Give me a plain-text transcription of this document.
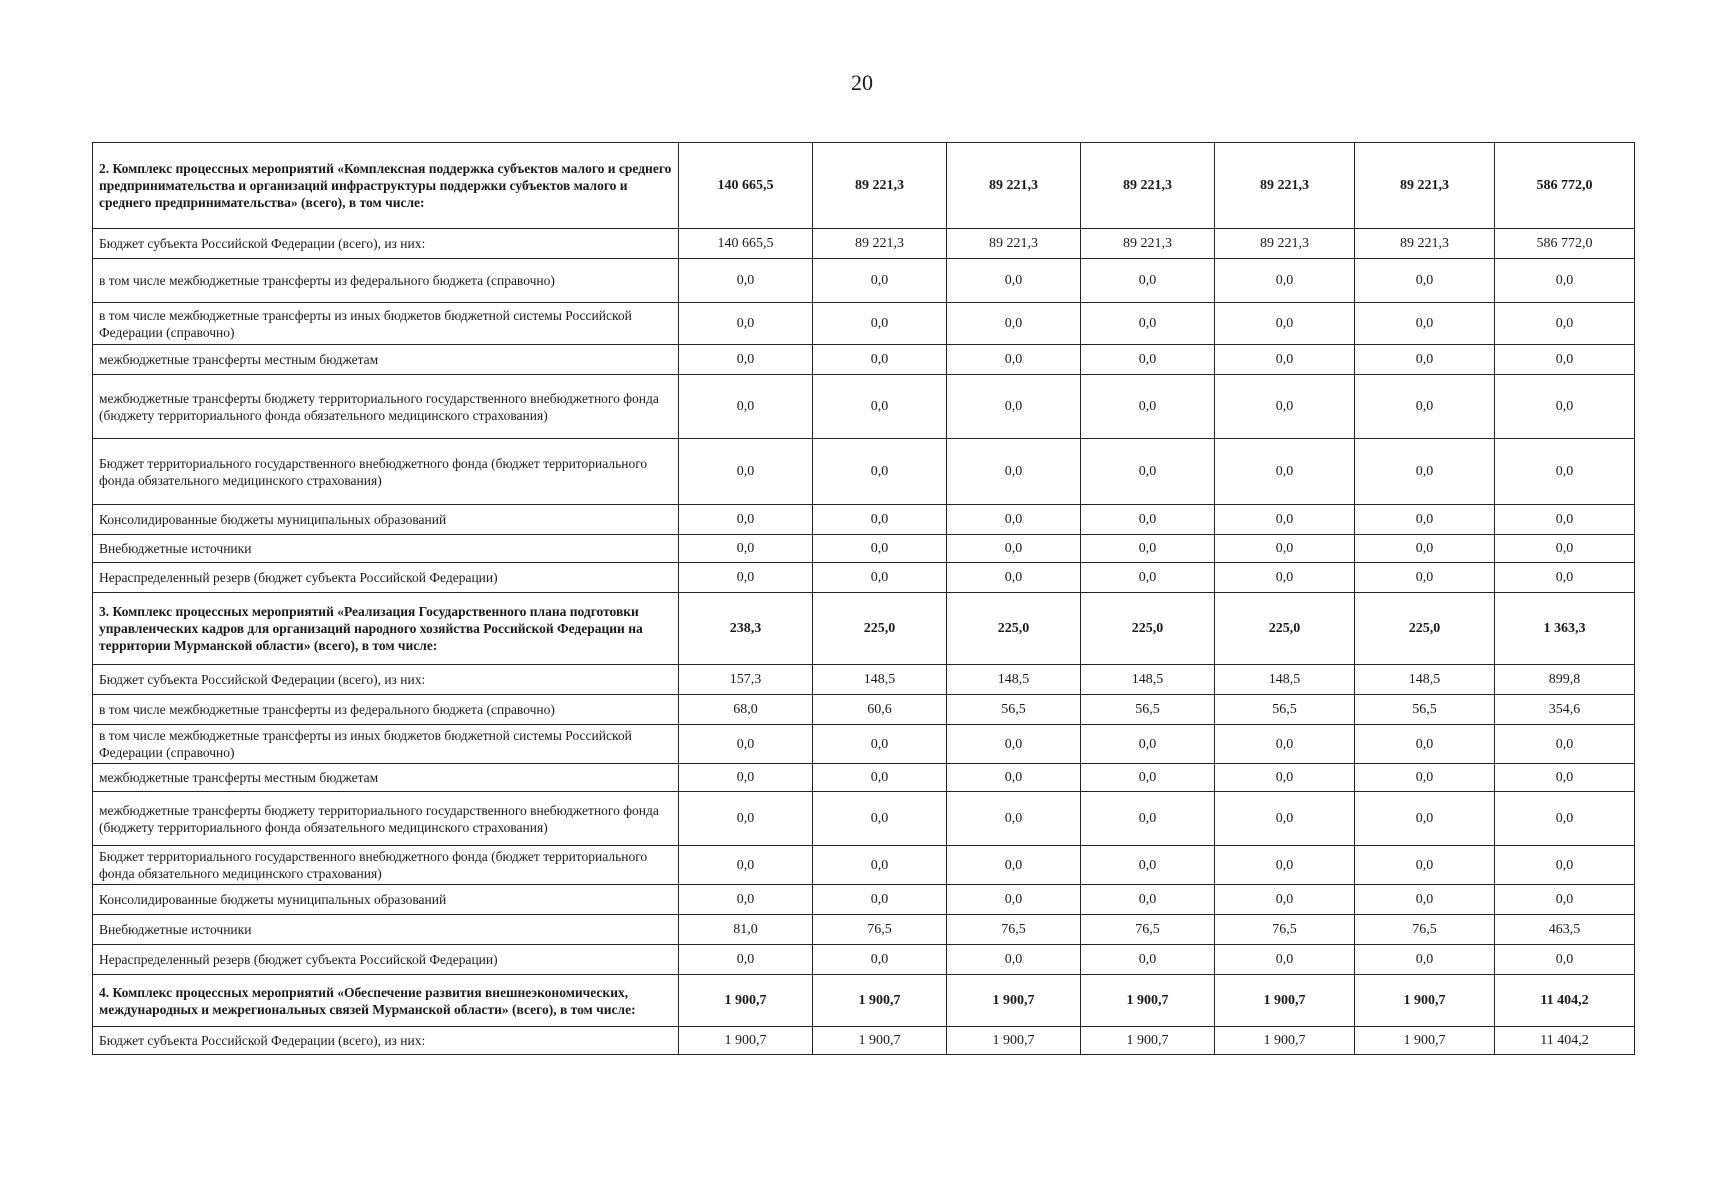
20
2. Комплекс процессных мероприятий «Комплексная поддержка субъектов малого и среднего предпринимательства и организаций инфраструктуры поддержки субъектов малого и среднего предпринимательства» (всего), в том числе:	140 665,5	89 221,3	89 221,3	89 221,3	89 221,3	89 221,3	586 772,0
Бюджет субъекта Российской Федерации (всего), из них:	140 665,5	89 221,3	89 221,3	89 221,3	89 221,3	89 221,3	586 772,0
в том числе межбюджетные трансферты из федерального бюджета (справочно)	0,0	0,0	0,0	0,0	0,0	0,0	0,0
в том числе межбюджетные трансферты из иных бюджетов бюджетной системы Российской Федерации (справочно)	0,0	0,0	0,0	0,0	0,0	0,0	0,0
межбюджетные трансферты местным бюджетам	0,0	0,0	0,0	0,0	0,0	0,0	0,0
межбюджетные трансферты бюджету территориального государственного внебюджетного фонда (бюджету территориального фонда обязательного медицинского страхования)	0,0	0,0	0,0	0,0	0,0	0,0	0,0
Бюджет территориального государственного внебюджетного фонда (бюджет территориального фонда обязательного медицинского страхования)	0,0	0,0	0,0	0,0	0,0	0,0	0,0
Консолидированные бюджеты муниципальных образований	0,0	0,0	0,0	0,0	0,0	0,0	0,0
Внебюджетные источники	0,0	0,0	0,0	0,0	0,0	0,0	0,0
Нераспределенный резерв (бюджет субъекта Российской Федерации)	0,0	0,0	0,0	0,0	0,0	0,0	0,0
3. Комплекс процессных мероприятий «Реализация Государственного плана подготовки управленческих кадров для организаций народного хозяйства Российской Федерации на территории Мурманской области» (всего), в том числе:	238,3	225,0	225,0	225,0	225,0	225,0	1 363,3
Бюджет субъекта Российской Федерации (всего), из них:	157,3	148,5	148,5	148,5	148,5	148,5	899,8
в том числе межбюджетные трансферты из федерального бюджета (справочно)	68,0	60,6	56,5	56,5	56,5	56,5	354,6
в том числе межбюджетные трансферты из иных бюджетов бюджетной системы Российской Федерации (справочно)	0,0	0,0	0,0	0,0	0,0	0,0	0,0
межбюджетные трансферты местным бюджетам	0,0	0,0	0,0	0,0	0,0	0,0	0,0
межбюджетные трансферты бюджету территориального государственного внебюджетного фонда (бюджету территориального фонда обязательного медицинского страхования)	0,0	0,0	0,0	0,0	0,0	0,0	0,0
Бюджет территориального государственного внебюджетного фонда (бюджет территориального фонда обязательного медицинского страхования)	0,0	0,0	0,0	0,0	0,0	0,0	0,0
Консолидированные бюджеты муниципальных образований	0,0	0,0	0,0	0,0	0,0	0,0	0,0
Внебюджетные источники	81,0	76,5	76,5	76,5	76,5	76,5	463,5
Нераспределенный резерв (бюджет субъекта Российской Федерации)	0,0	0,0	0,0	0,0	0,0	0,0	0,0
4. Комплекс процессных мероприятий «Обеспечение развития внешнеэкономических, международных и межрегиональных связей Мурманской области» (всего), в том числе:	1 900,7	1 900,7	1 900,7	1 900,7	1 900,7	1 900,7	11 404,2
Бюджет субъекта Российской Федерации (всего), из них:	1 900,7	1 900,7	1 900,7	1 900,7	1 900,7	1 900,7	11 404,2
